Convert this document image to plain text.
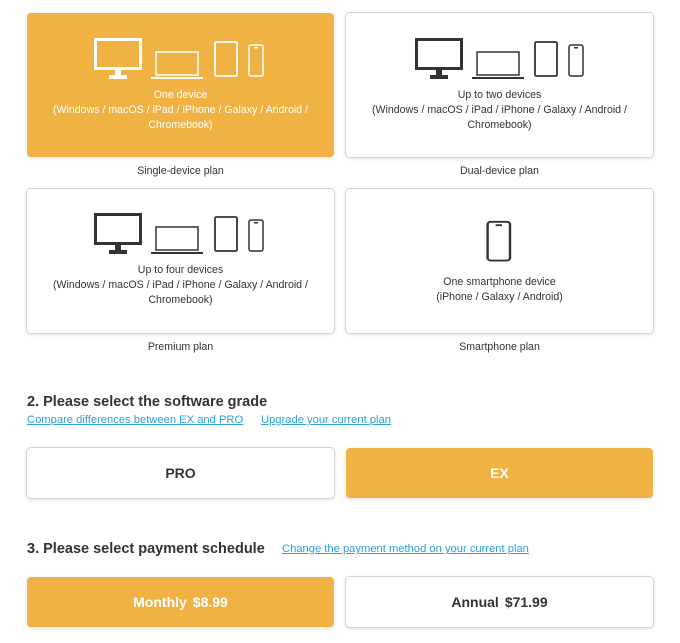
One device
(Windows / macOS / iPad / iPhone / Galaxy / Android /
Chromebook)
Single-device plan
Up to two devices
(Windows / macOS / iPad / iPhone / Galaxy / Android /
Chromebook)
Dual-device plan
Up to four devices
(Windows / macOS / iPad / iPhone / Galaxy / Android /
Chromebook)
Premium plan
One smartphone device
(iPhone / Galaxy / Android)
Smartphone plan
2. Please select the software grade
Compare differences between EX and PRO Upgrade your current plan
PRO	EX
3. Please select payment schedule Change the payment method on your current plan
Monthly $8.99	Annual $71.99
